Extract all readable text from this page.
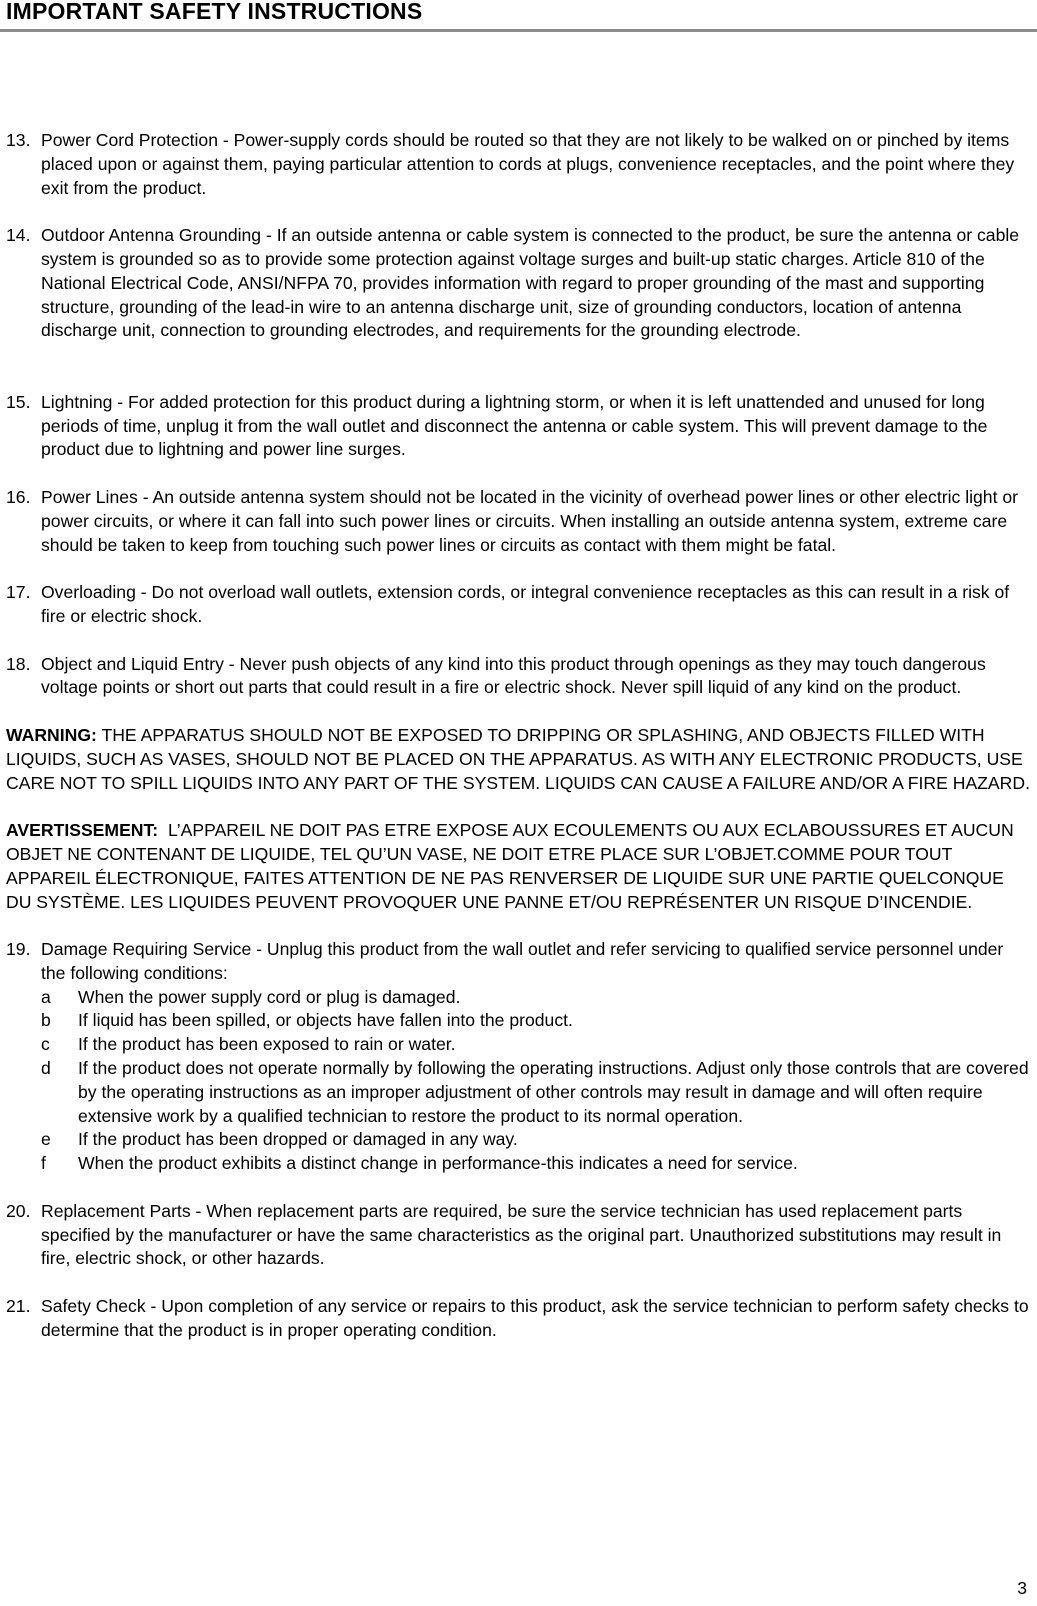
IMPORTANT SAFETY INSTRUCTIONS
13. Power Cord Protection - Power-supply cords should be routed so that they are not likely to be walked on or pinched by items placed upon or against them, paying particular attention to cords at plugs, convenience receptacles, and the point where they exit from the product.
14. Outdoor Antenna Grounding - If an outside antenna or cable system is connected to the product, be sure the antenna or cable system is grounded so as to provide some protection against voltage surges and built-up static charges. Article 810 of the National Electrical Code, ANSI/NFPA 70, provides information with regard to proper grounding of the mast and supporting structure, grounding of the lead-in wire to an antenna discharge unit, size of grounding conductors, location of antenna discharge unit, connection to grounding electrodes, and requirements for the grounding electrode.
15. Lightning - For added protection for this product during a lightning storm, or when it is left unattended and unused for long periods of time, unplug it from the wall outlet and disconnect the antenna or cable system. This will prevent damage to the product due to lightning and power line surges.
16. Power Lines - An outside antenna system should not be located in the vicinity of overhead power lines or other electric light or power circuits, or where it can fall into such power lines or circuits. When installing an outside antenna system, extreme care should be taken to keep from touching such power lines or circuits as contact with them might be fatal.
17. Overloading - Do not overload wall outlets, extension cords, or integral convenience receptacles as this can result in a risk of fire or electric shock.
18. Object and Liquid Entry - Never push objects of any kind into this product through openings as they may touch dangerous voltage points or short out parts that could result in a fire or electric shock. Never spill liquid of any kind on the product.
WARNING: THE APPARATUS SHOULD NOT BE EXPOSED TO DRIPPING OR SPLASHING, AND OBJECTS FILLED WITH LIQUIDS, SUCH AS VASES, SHOULD NOT BE PLACED ON THE APPARATUS. AS WITH ANY ELECTRONIC PRODUCTS, USE CARE NOT TO SPILL LIQUIDS INTO ANY PART OF THE SYSTEM. LIQUIDS CAN CAUSE A FAILURE AND/OR A FIRE HAZARD.
AVERTISSEMENT:  L’APPAREIL NE DOIT PAS ETRE EXPOSE AUX ECOULEMENTS OU AUX ECLABOUSSURES ET AUCUN OBJET NE CONTENANT DE LIQUIDE, TEL QU’UN VASE, NE DOIT ETRE PLACE SUR L’OBJET.COMME POUR TOUT APPAREIL ÉLECTRONIQUE, FAITES ATTENTION DE NE PAS RENVERSER DE LIQUIDE SUR UNE PARTIE QUELCONQUE DU SYSTÈME. LES LIQUIDES PEUVENT PROVOQUER UNE PANNE ET/OU REPRÉSENTER UN RISQUE D’INCENDIE.
19. Damage Requiring Service - Unplug this product from the wall outlet and refer servicing to qualified service personnel under the following conditions:
a When the power supply cord or plug is damaged.
b If liquid has been spilled, or objects have fallen into the product.
c If the product has been exposed to rain or water.
d If the product does not operate normally by following the operating instructions. Adjust only those controls that are covered by the operating instructions as an improper adjustment of other controls may result in damage and will often require extensive work by a qualified technician to restore the product to its normal operation.
e If the product has been dropped or damaged in any way.
f When the product exhibits a distinct change in performance-this indicates a need for service.
20. Replacement Parts - When replacement parts are required, be sure the service technician has used replacement parts specified by the manufacturer or have the same characteristics as the original part. Unauthorized substitutions may result in fire, electric shock, or other hazards.
21. Safety Check - Upon completion of any service or repairs to this product, ask the service technician to perform safety checks to determine that the product is in proper operating condition.
3
